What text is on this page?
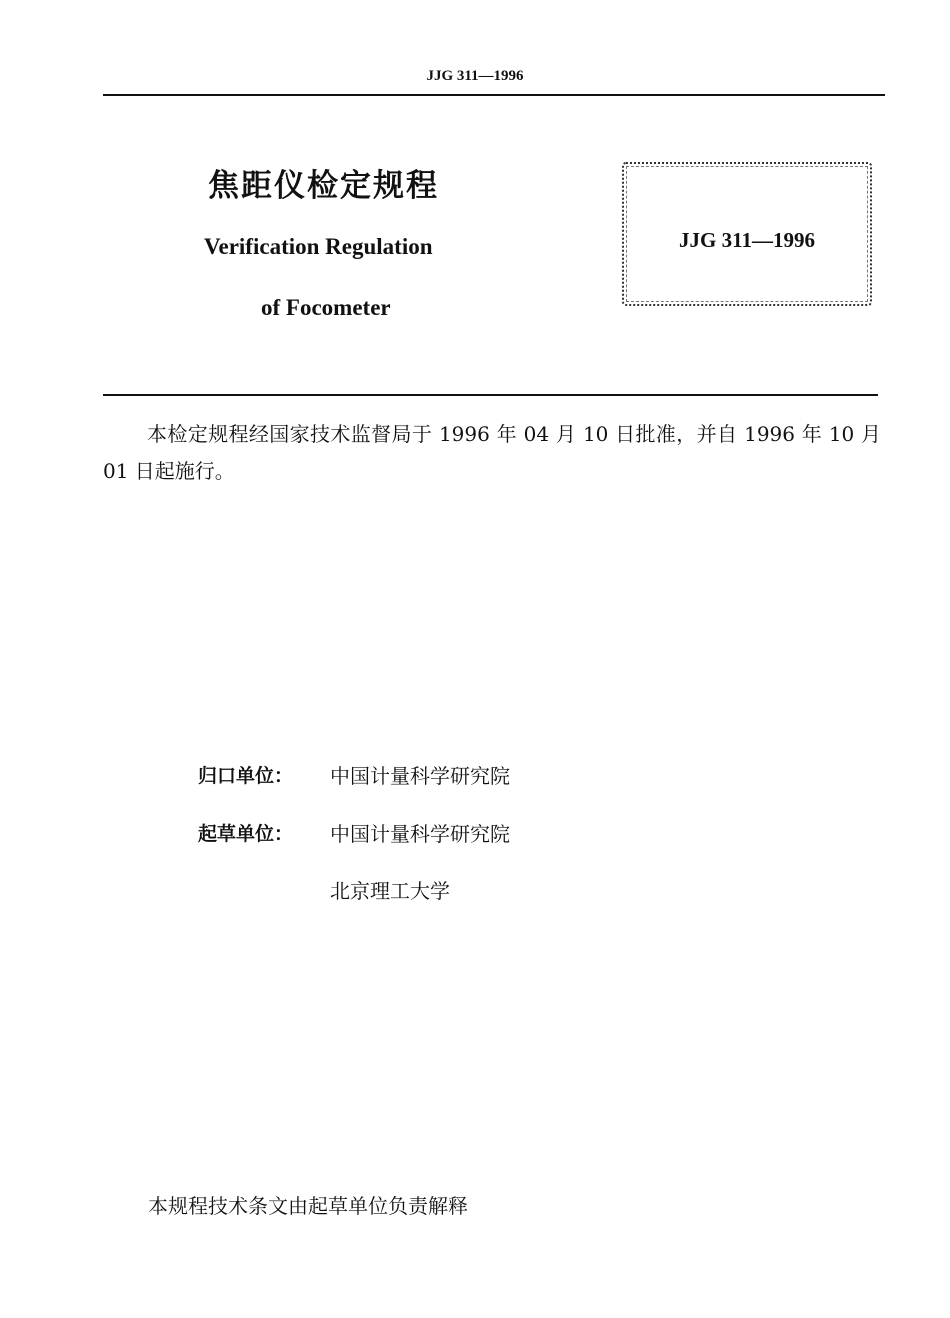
JJG 311—1996
焦距仪检定规程
Verification Regulation
of Focometer
JJG 311—1996
本检定规程经国家技术监督局于 1996 年 04 月 10 日批准，并自 1996 年 10 月 01 日起施行。
归口单位： 中国计量科学研究院
起草单位： 中国计量科学研究院
北京理工大学
本规程技术条文由起草单位负责解释
